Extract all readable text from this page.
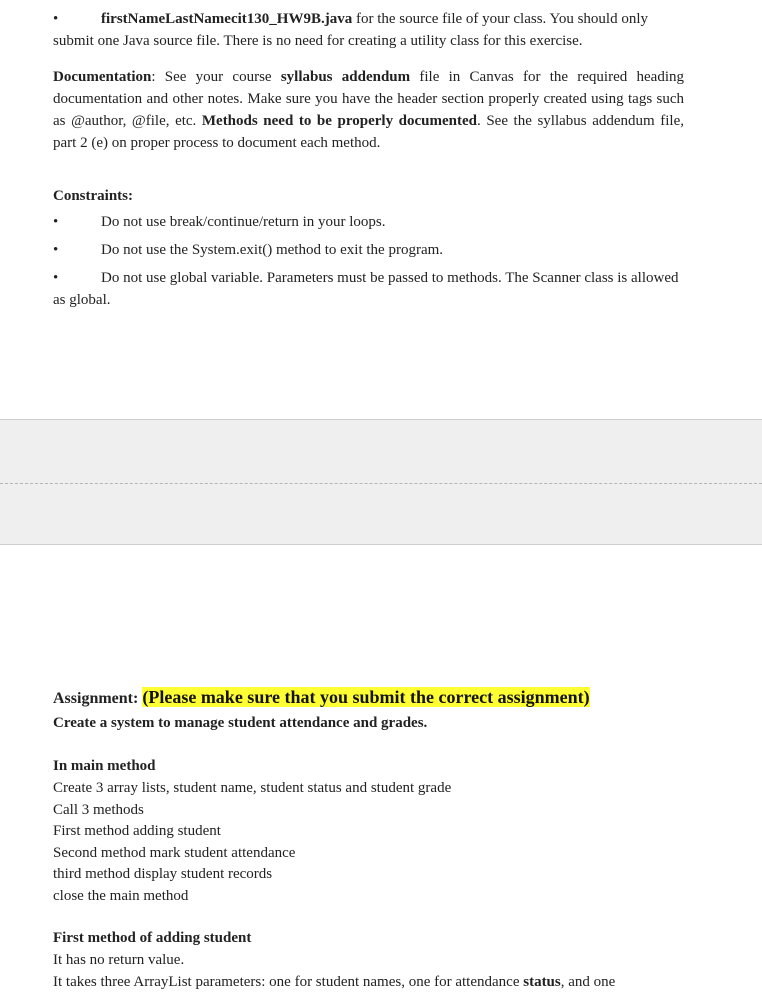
•	firstNameLastNamecit130_HW9B.java for the source file of your class. You should only submit one Java source file. There is no need for creating a utility class for this exercise.

Documentation: See your course syllabus addendum file in Canvas for the required heading documentation and other notes. Make sure you have the header section properly created using tags such as @author, @file, etc. Methods need to be properly documented. See the syllabus addendum file, part 2 (e) on proper process to document each method.

Constraints:

•	Do not use break/continue/return in your loops.

•	Do not use the System.exit() method to exit the program.

•	Do not use global variable. Parameters must be passed to methods. The Scanner class is allowed as global.

Assignment: (Please make sure that you submit the correct assignment)

Create a system to manage student attendance and grades.

In main method

Create 3 array lists, student name, student status and student grade

Call 3 methods

First method adding student

Second method mark student attendance

third method display student records

close the main method

First method of adding student

It has no return value.

It takes three ArrayList parameters: one for student names, one for attendance status, and one
